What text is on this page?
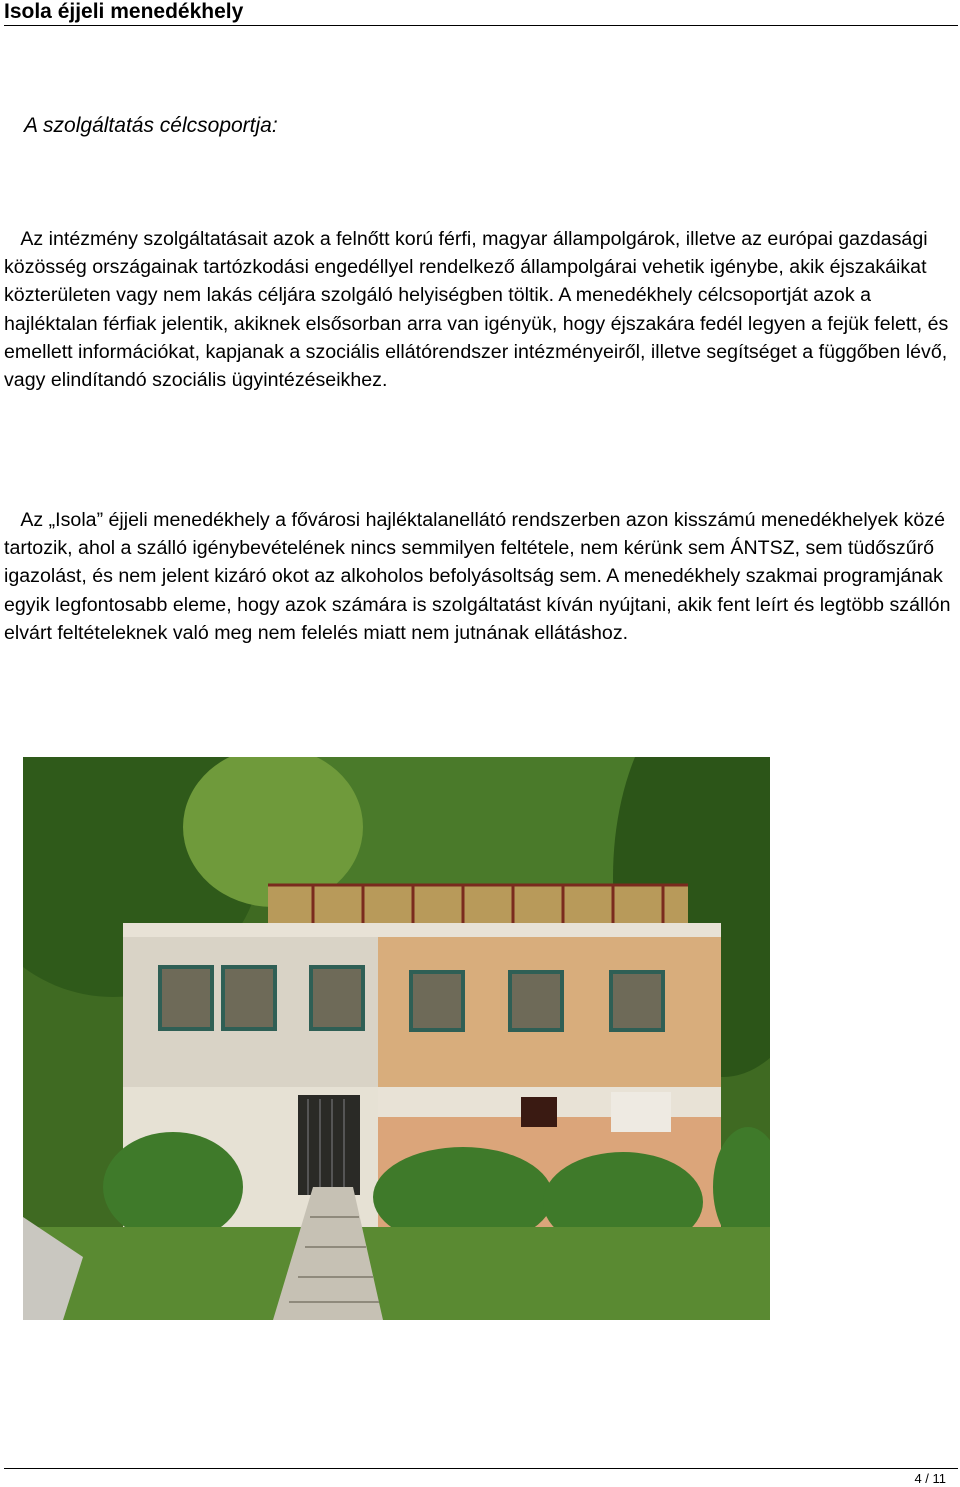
Isola éjjeli menedékhely
A szolgáltatás célcsoportja:

Az intézmény szolgáltatásait azok a felnőtt korú férfi, magyar állampolgárok, illetve az európai gazdasági közösség országainak tartózkodási engedéllyel rendelkező állampolgárai vehetik igénybe, akik éjszakáikat közterületen vagy nem lakás céljára szolgáló helyiségben töltik. A menedékhely célcsoportját azok a hajléktalan férfiak jelentik, akiknek elsősorban arra van igényük, hogy éjszakára fedél legyen a fejük felett, és emellett információkat, kapjanak a szociális ellátórendszer intézményeiről, illetve segítséget a függőben lévő, vagy elindítandó szociális ügyintézéseikhez.

Az „Isola” éjjeli menedékhely a fővárosi hajléktalanellátó rendszerben azon kisszámú menedékhelyek közé tartozik, ahol a szálló igénybevételének nincs semmilyen feltétele, nem kérünk sem ÁNTSZ, sem tüdőszűrő igazolást, és nem jelent kizáró okot az alkoholos befolyásoltság sem. A menedékhely szakmai programjának egyik legfontosabb eleme, hogy azok számára is szolgáltatást kíván nyújtani, akik fent leírt és legtöbb szállón elvárt feltételeknek való meg nem felelés miatt nem jutnának ellátáshoz.

4 / 11
